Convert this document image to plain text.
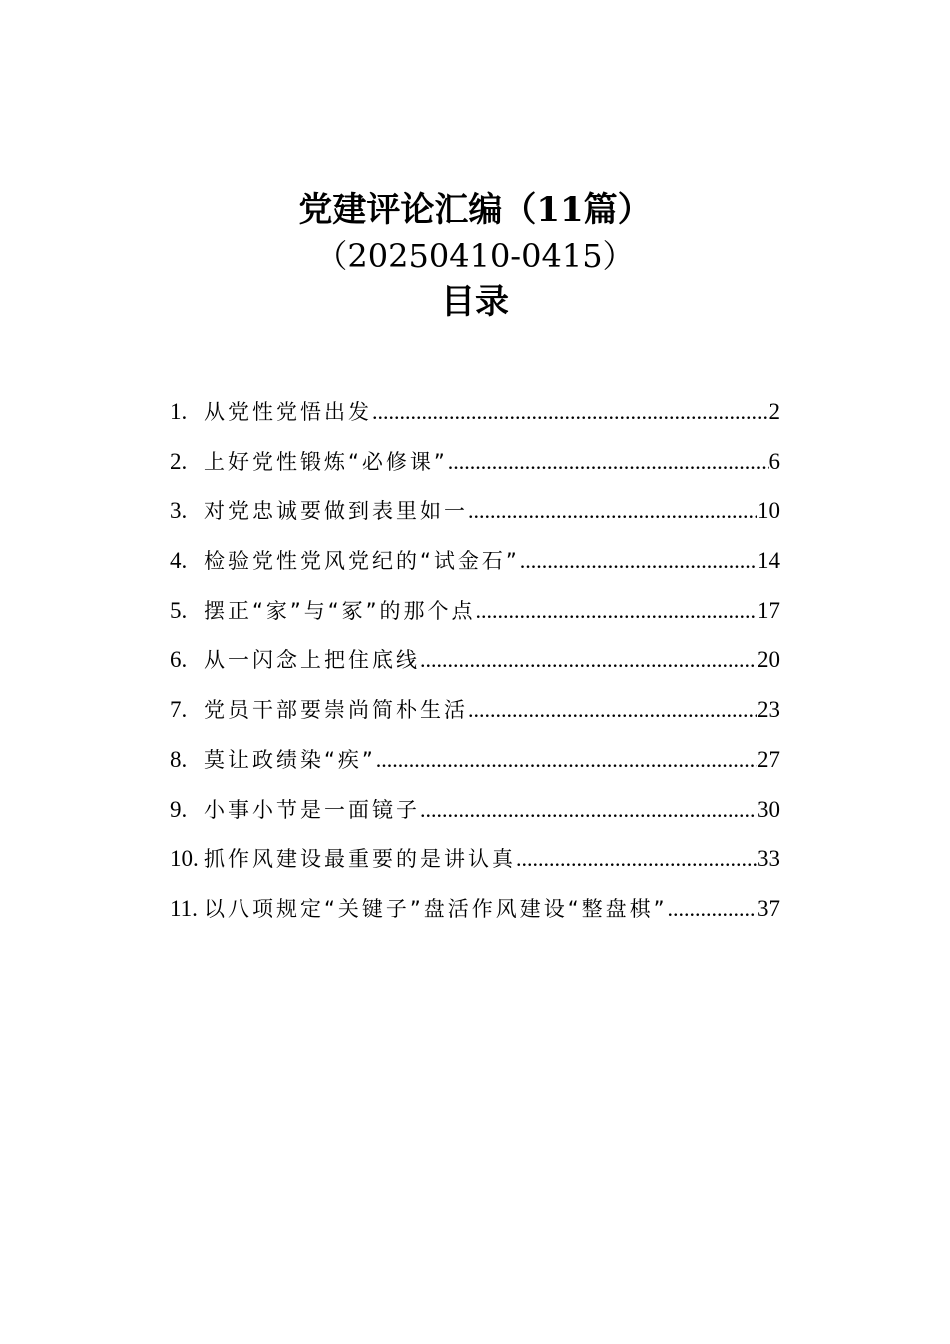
党建评论汇编（11篇）
（20250410-0415）
目录
1. 从党性党悟出发 .....	2
2. 上好党性锻炼“必修课” .....	6
3. 对党忠诚要做到表里如一 .....	10
4. 检验党性党风党纪的“试金石” .....	14
5. 摆正“家”与“冢”的那个点 .....	17
6. 从一闪念上把住底线 .....	20
7. 党员干部要崇尚简朴生活 .....	23
8. 莫让政绩染“疾” .....	27
9. 小事小节是一面镜子 .....	30
10. 抓作风建设最重要的是讲认真 .....	33
11. 以八项规定“关键子”盘活作风建设“整盘棋” .....	37
